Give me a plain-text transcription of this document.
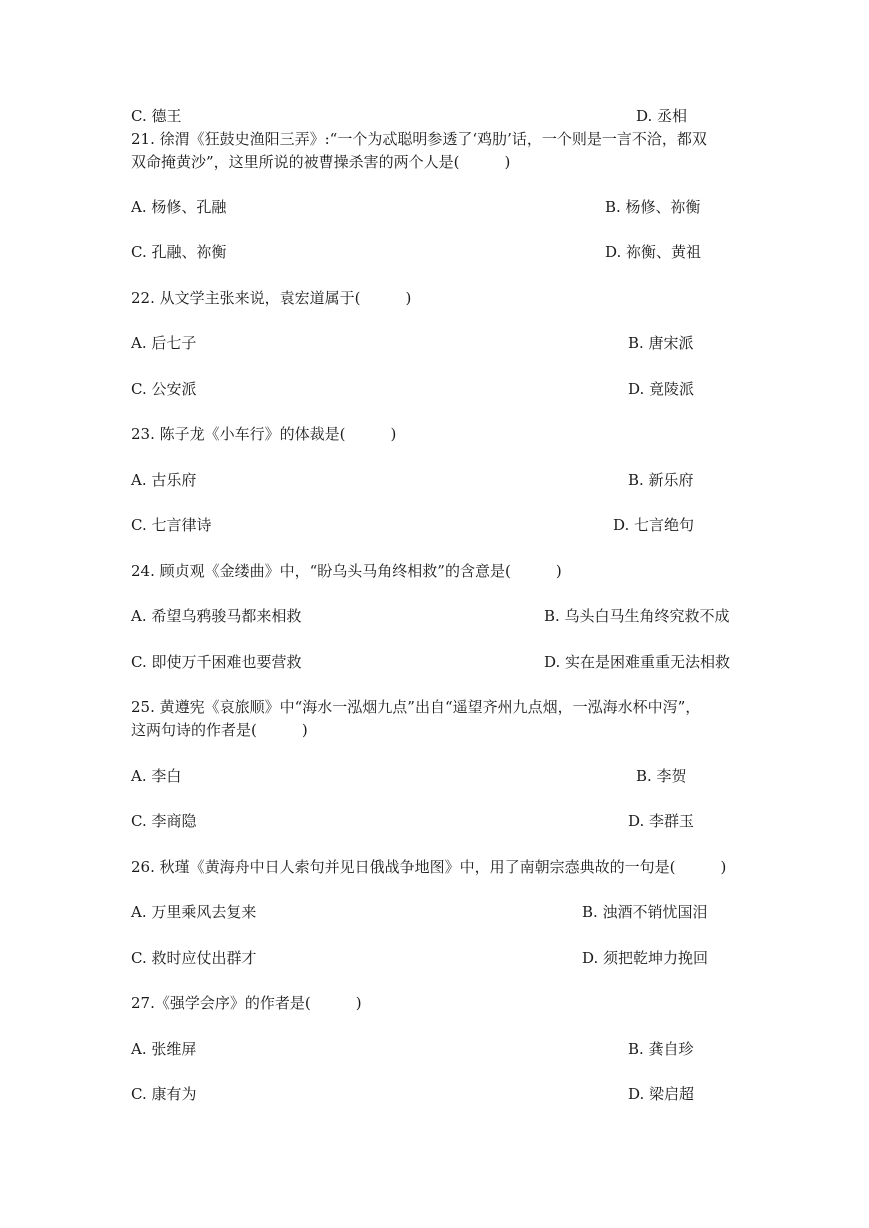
C. 德王	D. 丞相
21. 徐渭《狂鼓史渔阳三弄》:“一个为忒聪明参透了‘鸡肋’话，一个则是一言不洽，都双
双命掩黄沙”，这里所说的被曹操杀害的两个人是(　　　)
A. 杨修、孔融	B. 杨修、祢衡
C. 孔融、祢衡	D. 祢衡、黄祖
22. 从文学主张来说，袁宏道属于(　　　)
A. 后七子	B. 唐宋派
C. 公安派	D. 竟陵派
23. 陈子龙《小车行》的体裁是(　　　)
A. 古乐府	B. 新乐府
C. 七言律诗	D. 七言绝句
24. 顾贞观《金缕曲》中，“盼乌头马角终相救”的含意是(　　　)
A. 希望乌鸦骏马都来相救	B. 乌头白马生角终究救不成
C. 即使万千困难也要营救	D. 实在是困难重重无法相救
25. 黄遵宪《哀旅顺》中“海水一泓烟九点”出自“遥望齐州九点烟，一泓海水杯中泻”，
这两句诗的作者是(　　　)
A. 李白	B. 李贺
C. 李商隐	D. 李群玉
26. 秋瑾《黄海舟中日人索句并见日俄战争地图》中，用了南朝宗悫典故的一句是(　　　)
A. 万里乘风去复来	B. 浊酒不销忧国泪
C. 救时应仗出群才	D. 须把乾坤力挽回
27.《强学会序》的作者是(　　　)
A. 张维屏	B. 龚自珍
C. 康有为	D. 梁启超
